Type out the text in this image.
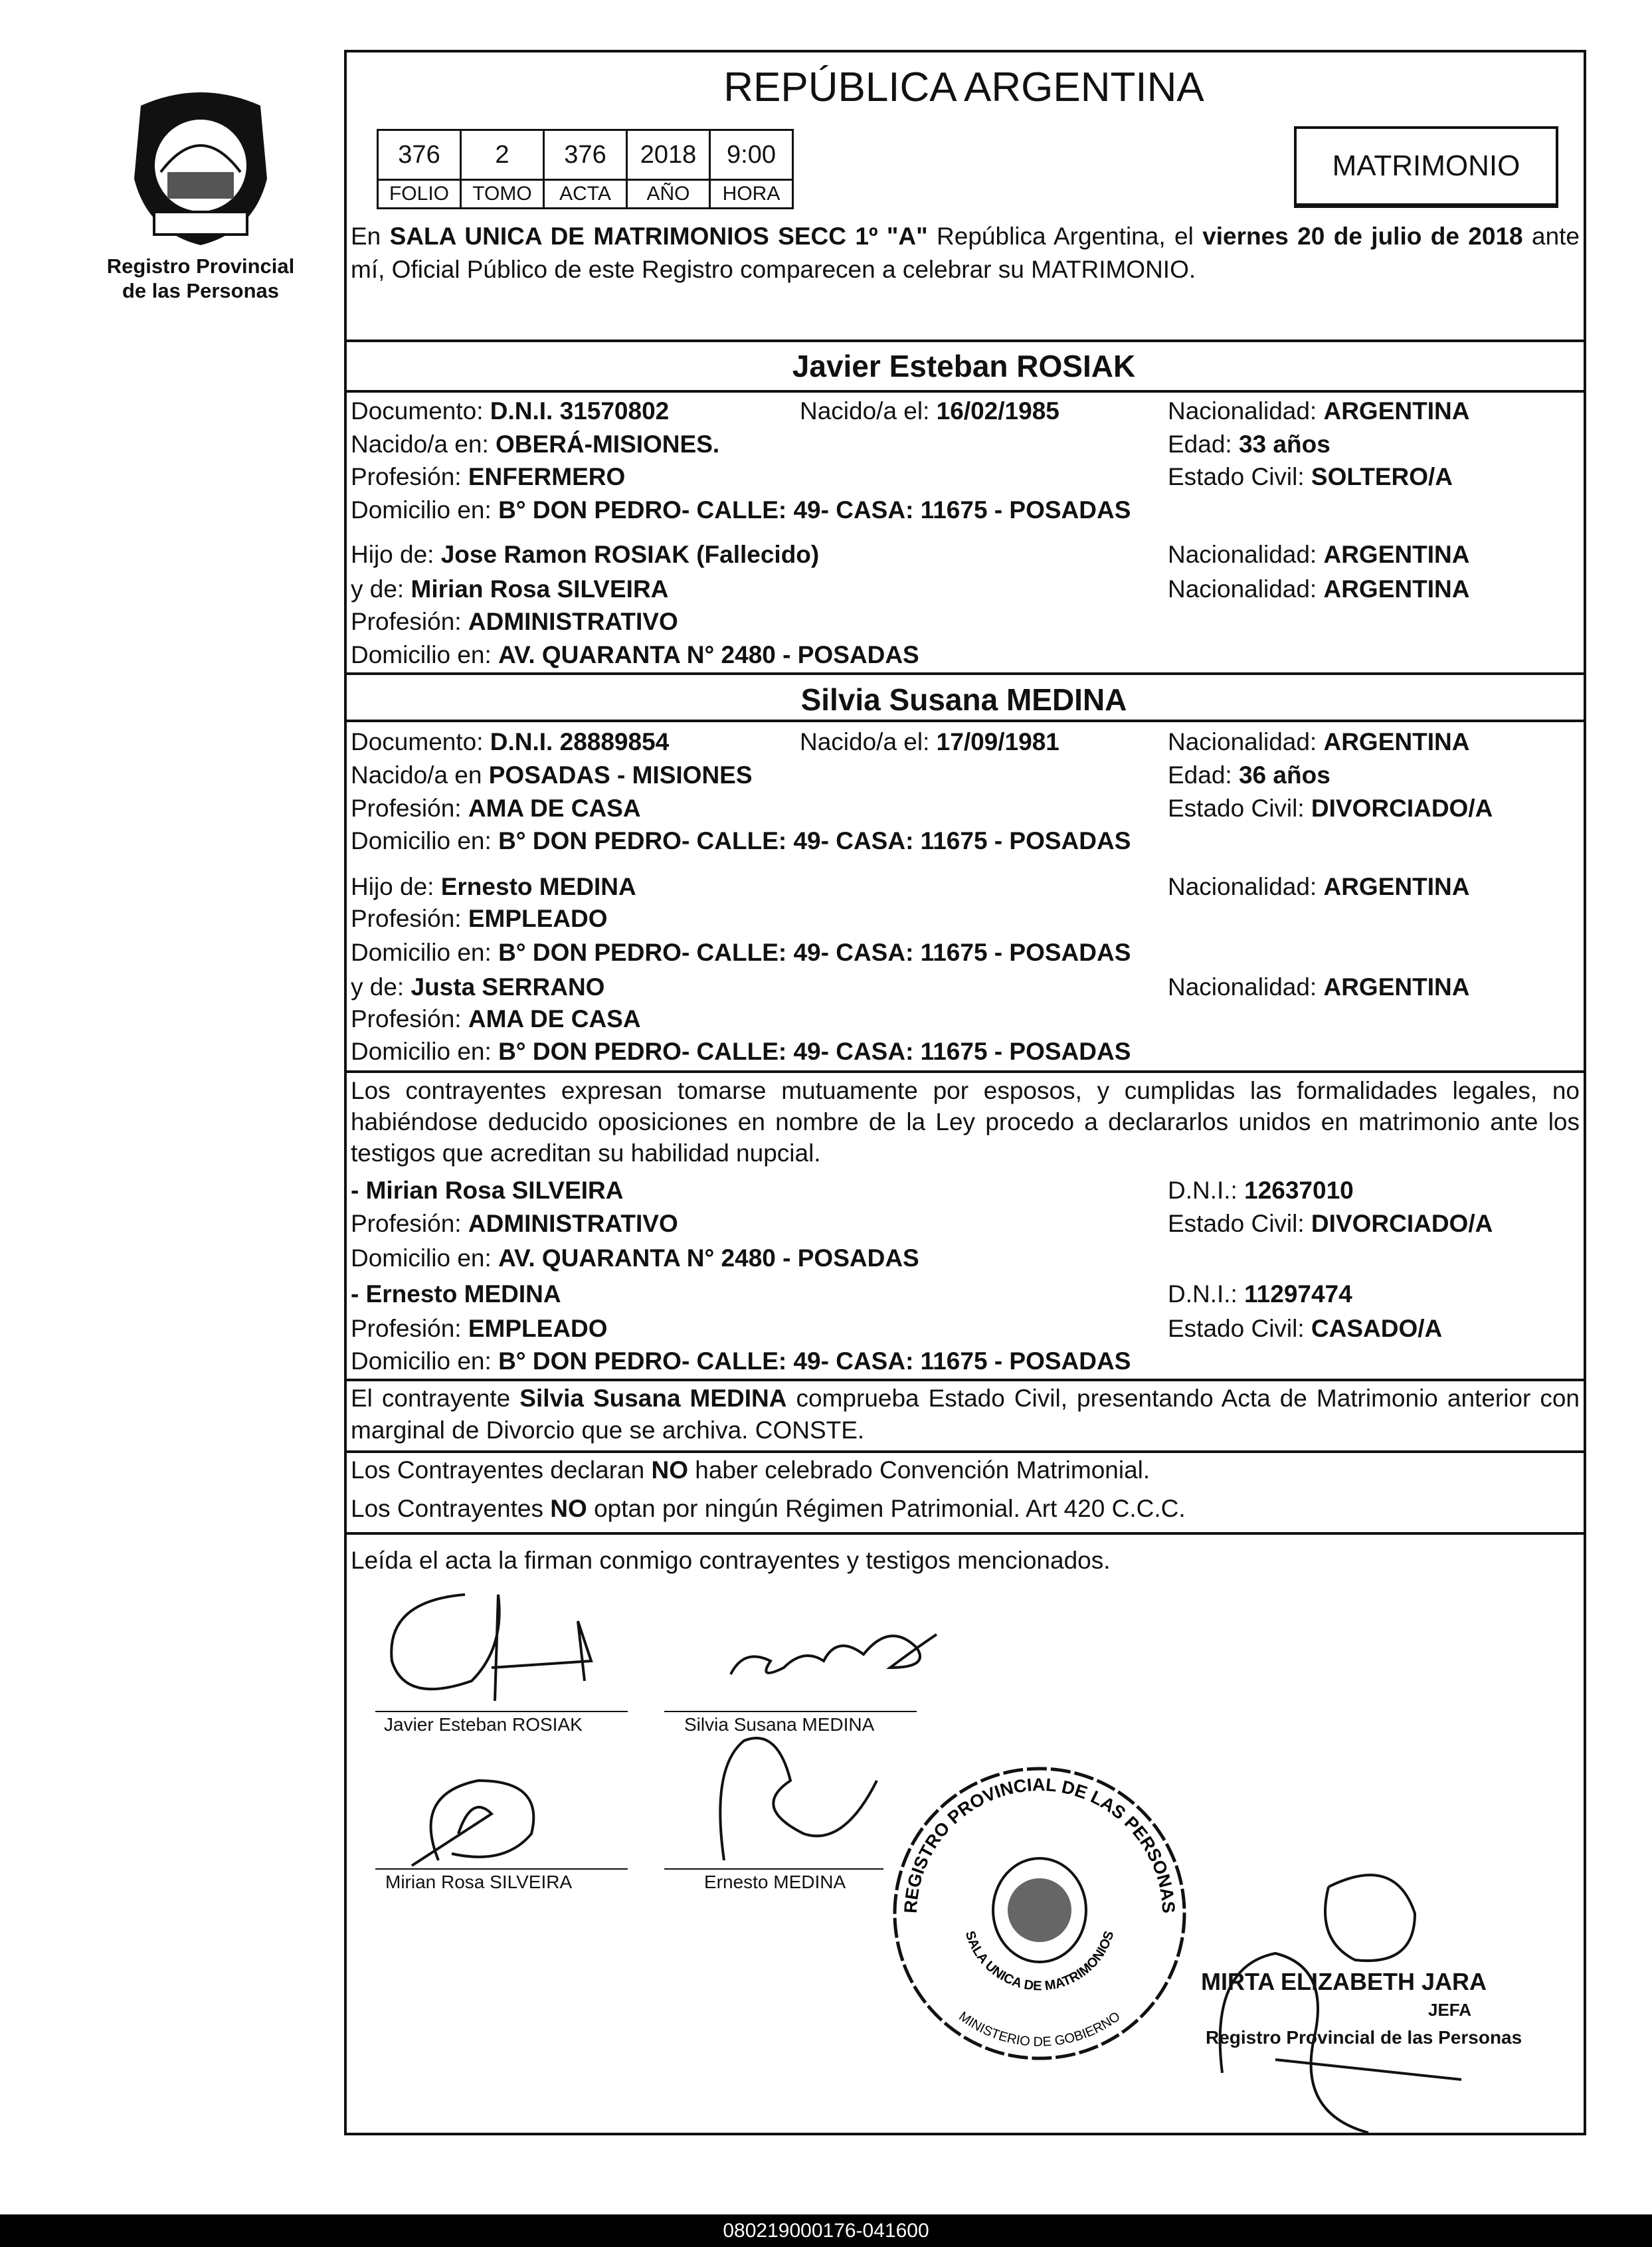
Registro Provincial
de las Personas
REPÚBLICA ARGENTINA
376	2	376	2018	9:00
FOLIO	TOMO	ACTA	AÑO	HORA
MATRIMONIO
En SALA UNICA DE MATRIMONIOS SECC 1º "A" República Argentina, el viernes 20 de julio de 2018 ante mí, Oficial Público de este Registro comparecen a celebrar su MATRIMONIO.
Javier Esteban ROSIAK
Documento: D.N.I. 31570802	Nacido/a el: 16/02/1985	Nacionalidad: ARGENTINA
Nacido/a en: OBERÁ-MISIONES.	Edad: 33 años
Profesión: ENFERMERO	Estado Civil: SOLTERO/A
Domicilio en: B° DON PEDRO- CALLE: 49- CASA: 11675 - POSADAS
Hijo de: Jose Ramon ROSIAK (Fallecido)	Nacionalidad: ARGENTINA
y de: Mirian Rosa SILVEIRA	Nacionalidad: ARGENTINA
Profesión: ADMINISTRATIVO
Domicilio en: AV. QUARANTA N° 2480 - POSADAS
Silvia Susana MEDINA
Documento: D.N.I. 28889854	Nacido/a el: 17/09/1981	Nacionalidad: ARGENTINA
Nacido/a en POSADAS - MISIONES	Edad: 36 años
Profesión: AMA DE CASA	Estado Civil: DIVORCIADO/A
Domicilio en: B° DON PEDRO- CALLE: 49- CASA: 11675 - POSADAS
Hijo de: Ernesto MEDINA	Nacionalidad: ARGENTINA
Profesión: EMPLEADO
Domicilio en: B° DON PEDRO- CALLE: 49- CASA: 11675 - POSADAS
y de: Justa SERRANO	Nacionalidad: ARGENTINA
Profesión: AMA DE CASA
Domicilio en: B° DON PEDRO- CALLE: 49- CASA: 11675 - POSADAS
Los contrayentes expresan tomarse mutuamente por esposos, y cumplidas las formalidades legales, no habiéndose deducido oposiciones en nombre de la Ley procedo a declararlos unidos en matrimonio ante los testigos que acreditan su habilidad nupcial.
- Mirian Rosa SILVEIRA	D.N.I.: 12637010
Profesión: ADMINISTRATIVO	Estado Civil: DIVORCIADO/A
Domicilio en: AV. QUARANTA N° 2480 - POSADAS
- Ernesto MEDINA	D.N.I.: 11297474
Profesión: EMPLEADO	Estado Civil: CASADO/A
Domicilio en: B° DON PEDRO- CALLE: 49- CASA: 11675 - POSADAS
El contrayente Silvia Susana MEDINA comprueba Estado Civil, presentando Acta de Matrimonio anterior con marginal de Divorcio que se archiva. CONSTE.
Los Contrayentes declaran NO haber celebrado Convención Matrimonial.
Los Contrayentes NO optan por ningún Régimen Patrimonial. Art 420 C.C.C.
Leída el acta la firman conmigo contrayentes y testigos mencionados.
Javier Esteban ROSIAK	Silvia Susana MEDINA
Mirian Rosa SILVEIRA	Ernesto MEDINA
REGISTRO PROVINCIAL DE LAS PERSONAS
SALA UNICA DE MATRIMONIOS
MINISTERIO DE GOBIERNO
MIRTA ELIZABETH JARA
JEFA
Registro Provincial de las Personas
080219000176-041600
